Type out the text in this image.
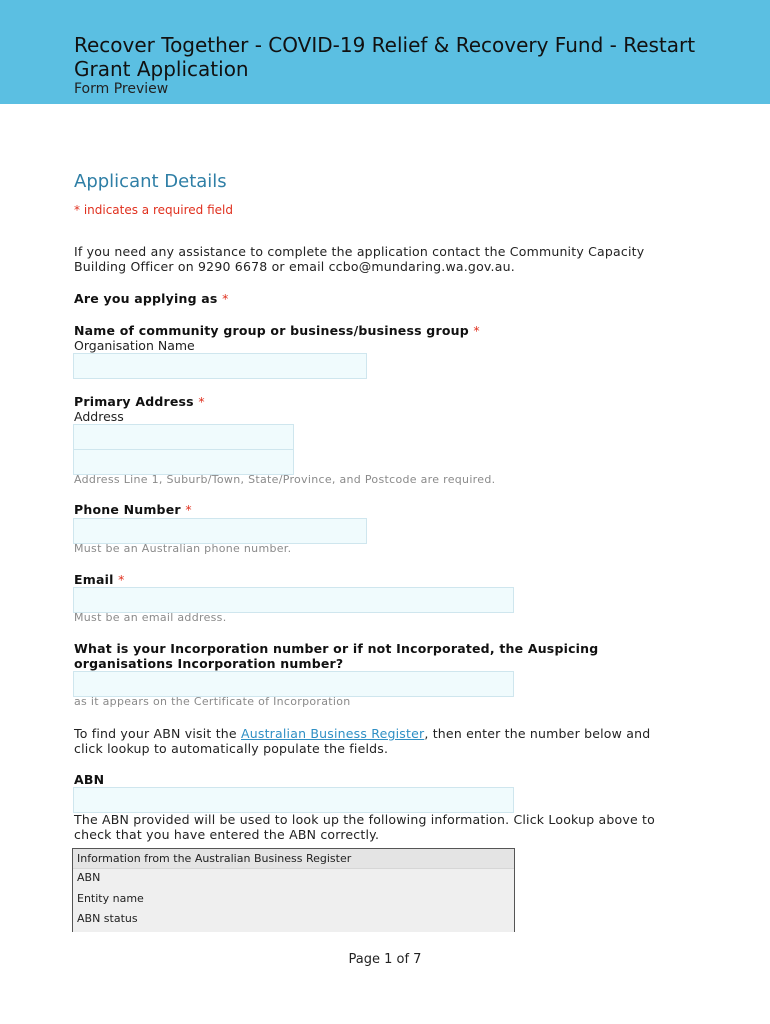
Recover Together - COVID-19 Relief & Recovery Fund - Restart Grant Application
Form Preview
Applicant Details
* indicates a required field
If you need any assistance to complete the application contact the Community Capacity Building Officer on 9290 6678 or email ccbo@mundaring.wa.gov.au.
Are you applying as *
Name of community group or business/business group *
Organisation Name
Primary Address *
Address
Address Line 1, Suburb/Town, State/Province, and Postcode are required.
Phone Number *
Must be an Australian phone number.
Email *
Must be an email address.
What is your Incorporation number or if not Incorporated, the Auspicing organisations Incorporation number?
as it appears on the Certificate of Incorporation
To find your ABN visit the Australian Business Register, then enter the number below and click lookup to automatically populate the fields.
ABN
The ABN provided will be used to look up the following information. Click Lookup above to check that you have entered the ABN correctly.
Information from the Australian Business Register
ABN
Entity name
ABN status
Page 1 of 7
